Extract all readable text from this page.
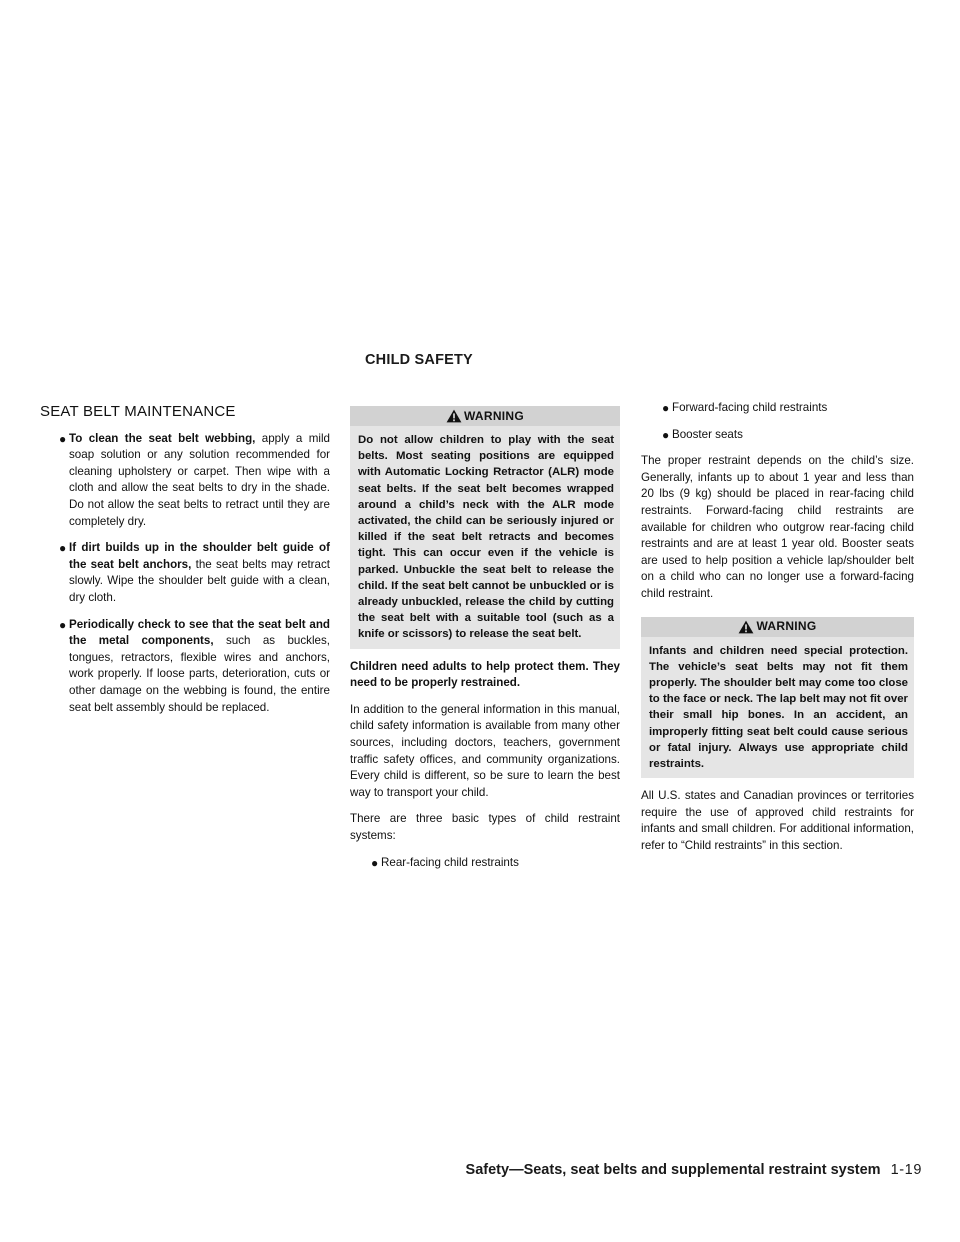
CHILD SAFETY
SEAT BELT MAINTENANCE
● To clean the seat belt webbing, apply a mild soap solution or any solution recommended for cleaning upholstery or carpet. Then wipe with a cloth and allow the seat belts to dry in the shade. Do not allow the seat belts to retract until they are completely dry.
● If dirt builds up in the shoulder belt guide of the seat belt anchors, the seat belts may retract slowly. Wipe the shoulder belt guide with a clean, dry cloth.
● Periodically check to see that the seat belt and the metal components, such as buckles, tongues, retractors, flexible wires and anchors, work properly. If loose parts, deterioration, cuts or other damage on the webbing is found, the entire seat belt assembly should be replaced.
WARNING
Do not allow children to play with the seat belts. Most seating positions are equipped with Automatic Locking Retractor (ALR) mode seat belts. If the seat belt becomes wrapped around a child’s neck with the ALR mode activated, the child can be seriously injured or killed if the seat belt retracts and becomes tight. This can occur even if the vehicle is parked. Unbuckle the seat belt to release the child. If the seat belt cannot be unbuckled or is already unbuckled, release the child by cutting the seat belt with a suitable tool (such as a knife or scissors) to release the seat belt.
Children need adults to help protect them. They need to be properly restrained.
In addition to the general information in this manual, child safety information is available from many other sources, including doctors, teachers, government traffic safety offices, and community organizations. Every child is different, so be sure to learn the best way to transport your child.
There are three basic types of child restraint systems:
● Rear-facing child restraints
● Forward-facing child restraints
● Booster seats
The proper restraint depends on the child’s size. Generally, infants up to about 1 year and less than 20 lbs (9 kg) should be placed in rear-facing child restraints. Forward-facing child restraints are available for children who outgrow rear-facing child restraints and are at least 1 year old. Booster seats are used to help position a vehicle lap/shoulder belt on a child who can no longer use a forward-facing child restraint.
WARNING
Infants and children need special protection. The vehicle’s seat belts may not fit them properly. The shoulder belt may come too close to the face or neck. The lap belt may not fit over their small hip bones. In an accident, an improperly fitting seat belt could cause serious or fatal injury. Always use appropriate child restraints.
All U.S. states and Canadian provinces or territories require the use of approved child restraints for infants and small children. For additional information, refer to “Child restraints” in this section.
Safety—Seats, seat belts and supplemental restraint system 1-19
